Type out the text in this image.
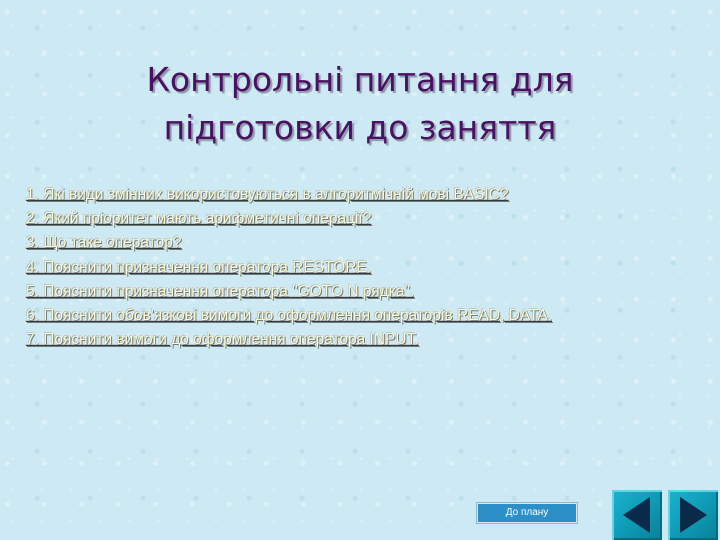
Контрольні питання для
підготовки до заняття
1. Які види змінних використовуються в алгоритмічній мові BASIC?
2. Який пріоритет мають арифметичні операції?
3. Що таке оператор?
4. Пояснити призначення оператора RESTORE.
5. Пояснити призначення оператора "GOTO N рядка".
6. Пояснити обов'язкові вимоги до оформлення операторів READ, DATA.
7. Пояснити вимоги до оформлення оператора INPUT.
До плану
